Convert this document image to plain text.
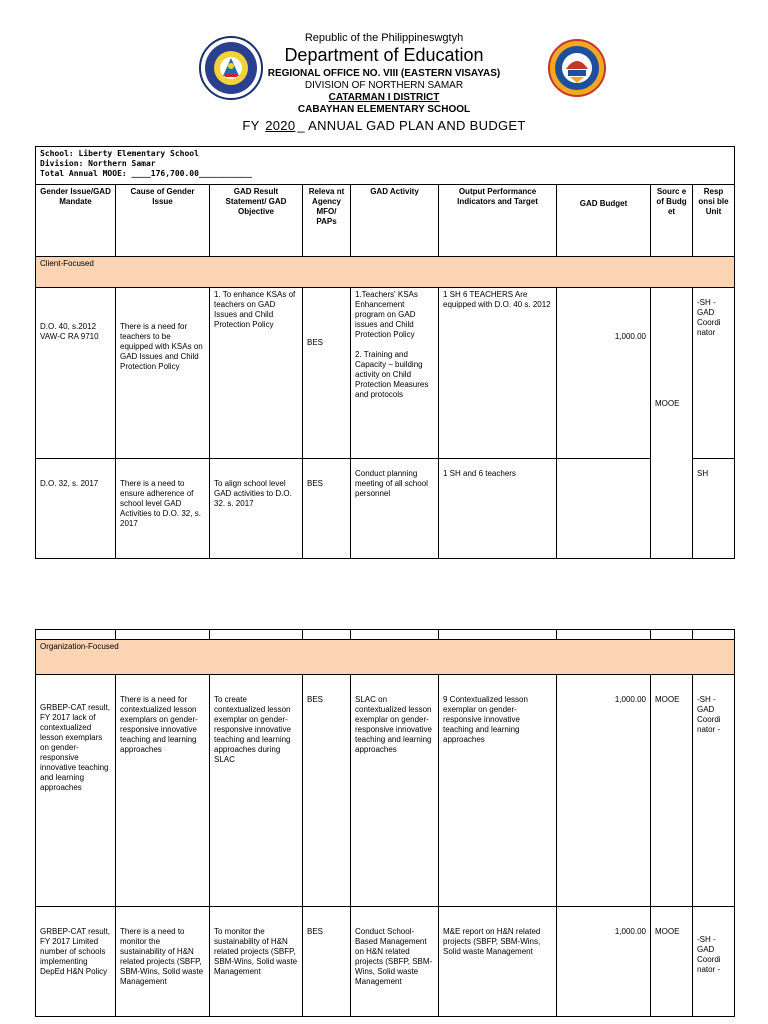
Republic of the Philippineswgtyh
Department of Education
REGIONAL OFFICE NO. VIII (EASTERN VISAYAS)
DIVISION OF NORTHERN SAMAR
CATARMAN I DISTRICT
CABAYHAN ELEMENTARY SCHOOL
FY 2020 _ ANNUAL GAD PLAN AND BUDGET
School: Liberty Elementary School
Division: Northern Samar
Total Annual MOOE: ____176,700.00___________								

Gender Issue/GAD Mandate	Cause of Gender Issue	GAD Result Statement/ GAD Objective	Releva nt Agency MFO/ PAPs	GAD Activity	Output Performance Indicators and Target	GAD Budget	Sourc e of Budg et	Resp onsi ble Unit
Client-Focused								
D.O. 40, s.2012 VAW-C RA 9710	There is a need for teachers to be equipped with KSAs on GAD Issues and Child Protection Policy	1. To enhance KSAs of teachers on GAD Issues and Child Protection Policy	BES	1.Teachers' KSAs Enhancement program on GAD issues and Child Protection Policy
2. Training and Capacity – building activity on Child Protection Measures and protocols	1 SH 6 TEACHERS Are equipped with D.O. 40 s. 2012	1,000.00	MOOE	-SH -GAD Coordi nator
D.O. 32, s. 2017	There is a need to ensure adherence of school level GAD Activities to D.O. 32, s. 2017	To align school level GAD activities to D.O. 32. s. 2017	BES	Conduct planning meeting of all school personnel	1 SH and 6 teachers			SH

Organization-Focused								
GRBEP-CAT result, FY 2017 lack of contextualized lesson exemplars on gender-responsive innovative teaching and learning approaches	There is a need for contextualized lesson exemplars on gender-responsive innovative teaching and learning approaches	To create contextualized lesson exemplar on gender-responsive innovative teaching and learning approaches during SLAC	BES	SLAC on contextualized lesson exemplar on gender-responsive innovative teaching and learning approaches	9 Contextualized lesson exemplar on gender-responsive innovative teaching and learning approaches	1,000.00	MOOE	-SH -GAD Coordi nator -
GRBEP-CAT result, FY 2017 Limited number of schools implementing DepEd H&N Policy	There is a need to monitor the sustainability of H&N related projects (SBFP, SBM-Wins, Solid waste Management	To monitor the sustainability of H&N related projects (SBFP, SBM-Wins, Solid waste Management	BES	Conduct School-Based Management on H&N related projects (SBFP, SBM-Wins, Solid waste Management	M&E report on H&N related projects (SBFP, SBM-Wins, Solid waste Management	1,000.00	MOOE	-SH -GAD Coordi nator -
